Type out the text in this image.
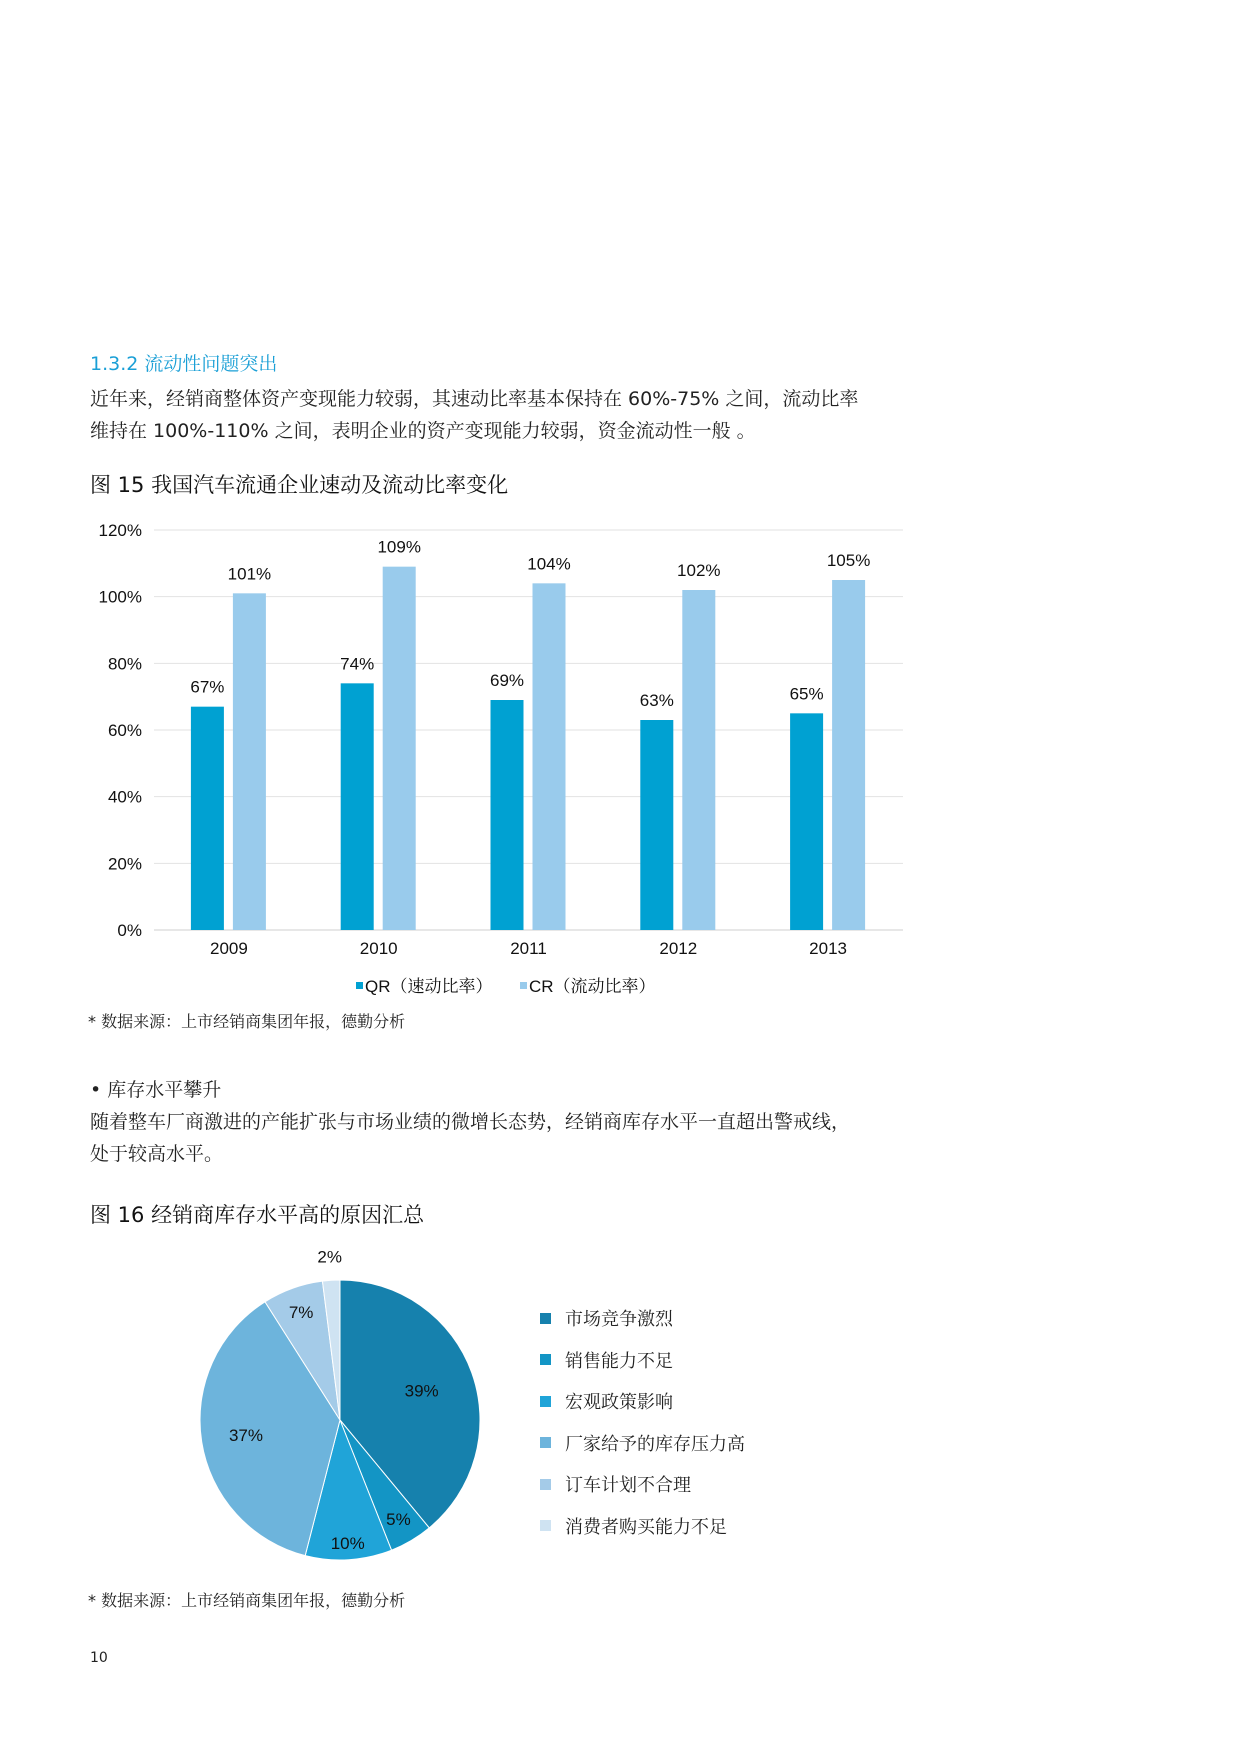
1.3.2 流动性问题突出
近年来，经销商整体资产变现能力较弱，其速动比率基本保持在 60%-75% 之间，流动比率
维持在 100%-110% 之间，表明企业的资产变现能力较弱，资金流动性一般 。
图 15 我国汽车流通企业速动及流动比率变化
0%
20%
40%
60%
80%
100%
120%
2009
67%
101%
2010
74%
109%
2011
69%
104%
2012
63%
102%
2013
65%
105%
QR（速动比率） CR（流动比率）
* 数据来源：上市经销商集团年报，德勤分析
• 库存水平攀升
随着整车厂商激进的产能扩张与市场业绩的微增长态势，经销商库存水平一直超出警戒线，
处于较高水平。
图 16 经销商库存水平高的原因汇总
39%
5%
10%
37%
7%
2%
市场竞争激烈
销售能力不足
宏观政策影响
厂家给予的库存压力高
订车计划不合理
消费者购买能力不足
* 数据来源：上市经销商集团年报，德勤分析
10
